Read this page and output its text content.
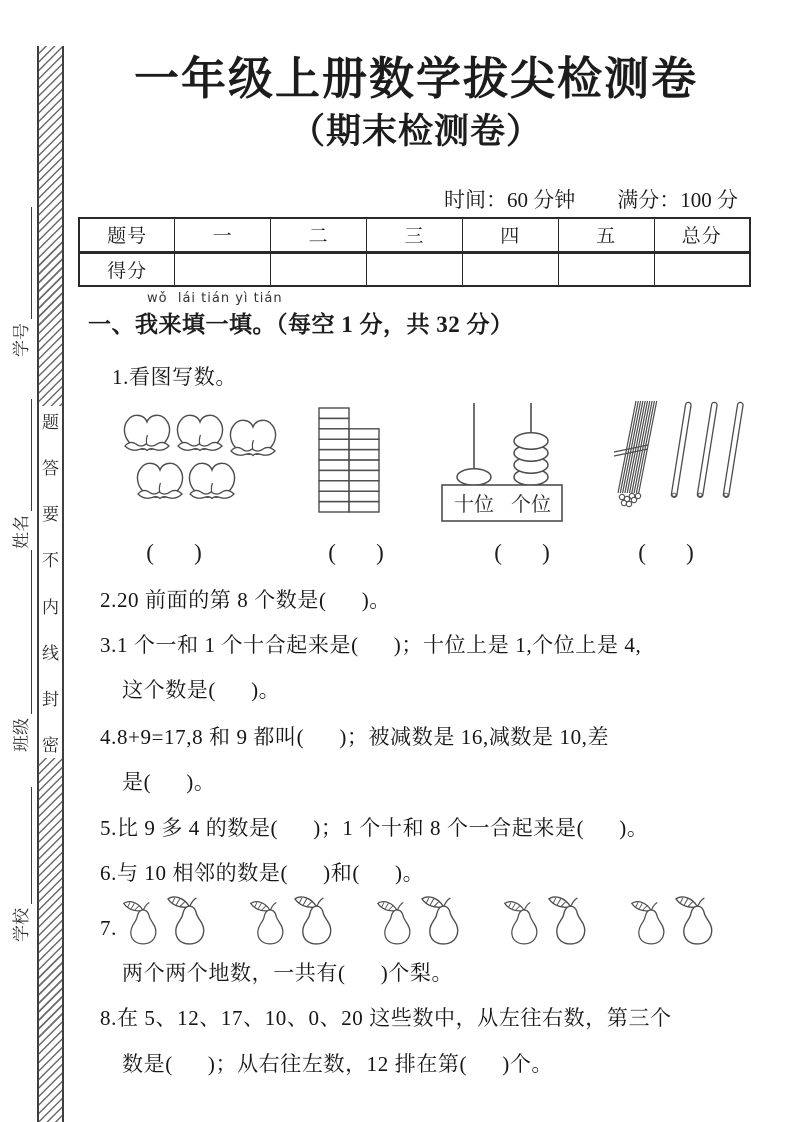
题
答
要
不
内
线
封
密
学号
姓名
班级
学校
一年级上册数学拔尖检测卷
（期末检测卷）
时间：60 分钟　　满分：100 分
题号	一	二	三	四	五	总分
得分						
wǒ  lái tián yì tián
一、我来填一填。（每空 1 分，共 32 分）
1.看图写数。
十位 个位
(       )	(       )	(       )	(       )
2.20 前面的第 8 个数是(      )。
3.1 个一和 1 个十合起来是(      )；十位上是 1,个位上是 4,
这个数是(      )。
4.8+9=17,8 和 9 都叫(      )；被减数是 16,减数是 10,差
是(      )。
5.比 9 多 4 的数是(      )；1 个十和 8 个一合起来是(      )。
6.与 10 相邻的数是(      )和(      )。
7.
两个两个地数，一共有(      )个梨。
8.在 5、12、17、10、0、20 这些数中，从左往右数，第三个
数是(      )；从右往左数，12 排在第(      )个。
